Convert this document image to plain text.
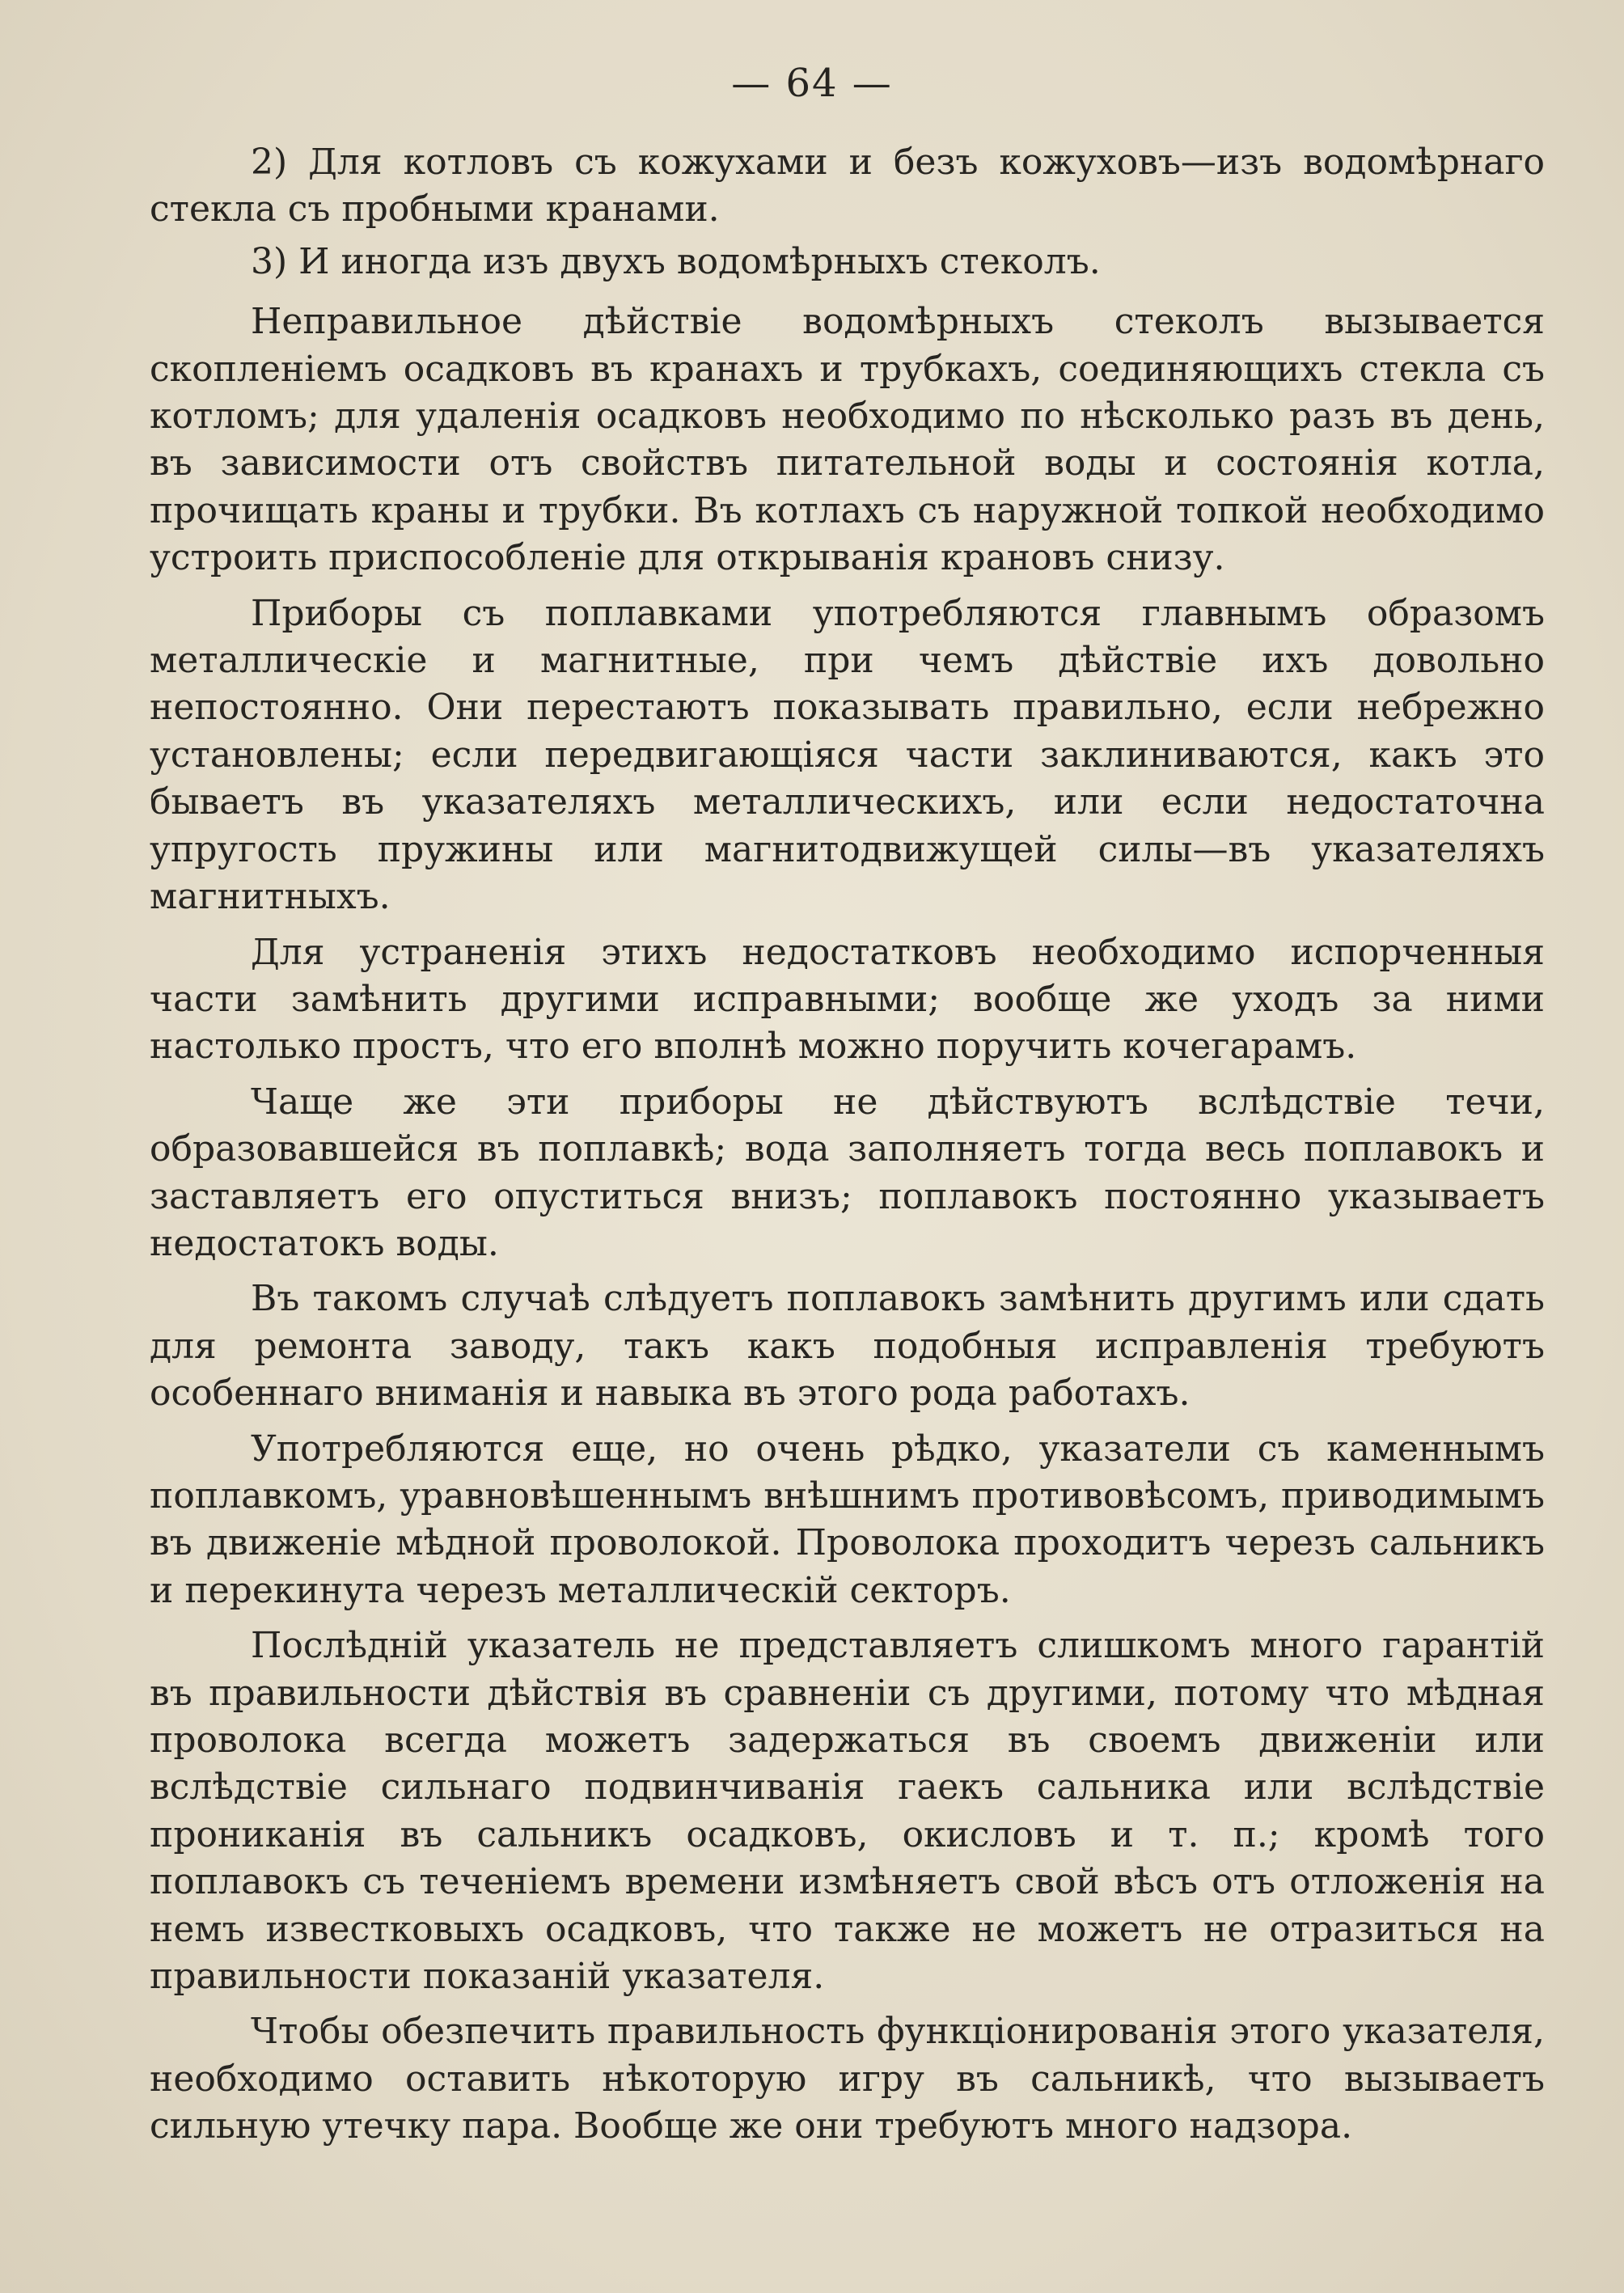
— 64 —

2) Для котловъ съ кожухами и безъ кожуховъ—изъ водомѣрнаго стекла съ пробными кранами.

3) И иногда изъ двухъ водомѣрныхъ стеколъ.

Неправильное дѣйствіе водомѣрныхъ стеколъ вызывается скопленіемъ осадковъ въ кранахъ и трубкахъ, соединяющихъ стекла съ котломъ; для удаленія осадковъ необходимо по нѣсколько разъ въ день, въ зависимости отъ свойствъ питательной воды и состоянія котла, прочищать краны и трубки. Въ котлахъ съ наружной топкой необходимо устроить приспособленіе для открыванія крановъ снизу.

Приборы съ поплавками употребляются главнымъ образомъ металлическіе и магнитные, при чемъ дѣйствіе ихъ довольно непостоянно. Они перестаютъ показывать правильно, если небрежно установлены; если передвигающіяся части заклиниваются, какъ это бываетъ въ указателяхъ металлическихъ, или если недостаточна упругость пружины или магнитодвижущей силы—въ указателяхъ магнитныхъ.

Для устраненія этихъ недостатковъ необходимо испорченныя части замѣнить другими исправными; вообще же уходъ за ними настолько простъ, что его вполнѣ можно поручить кочегарамъ.

Чаще же эти приборы не дѣйствуютъ вслѣдствіе течи, образовавшейся въ поплавкѣ; вода заполняетъ тогда весь поплавокъ и заставляетъ его опуститься внизъ; поплавокъ постоянно указываетъ недостатокъ воды.

Въ такомъ случаѣ слѣдуетъ поплавокъ замѣнить другимъ или сдать для ремонта заводу, такъ какъ подобныя исправленія требуютъ особеннаго вниманія и навыка въ этого рода работахъ.

Употребляются еще, но очень рѣдко, указатели съ каменнымъ поплавкомъ, уравновѣшеннымъ внѣшнимъ противовѣсомъ, приводимымъ въ движеніе мѣдной проволокой. Проволока проходитъ черезъ сальникъ и перекинута черезъ металлическій секторъ.

Послѣдній указатель не представляетъ слишкомъ много гарантій въ правильности дѣйствія въ сравненіи съ другими, потому что мѣдная проволока всегда можетъ задержаться въ своемъ движеніи или вслѣдствіе сильнаго подвинчиванія гаекъ сальника или вслѣдствіе прониканія въ сальникъ осадковъ, окисловъ и т. п.; кромѣ того поплавокъ съ теченіемъ времени измѣняетъ свой вѣсъ отъ отложенія на немъ известковыхъ осадковъ, что также не можетъ не отразиться на правильности показаній указателя.

Чтобы обезпечить правильность функціонированія этого указателя, необходимо оставить нѣкоторую игру въ сальникѣ, что вызываетъ сильную утечку пара. Вообще же они требуютъ много надзора.
